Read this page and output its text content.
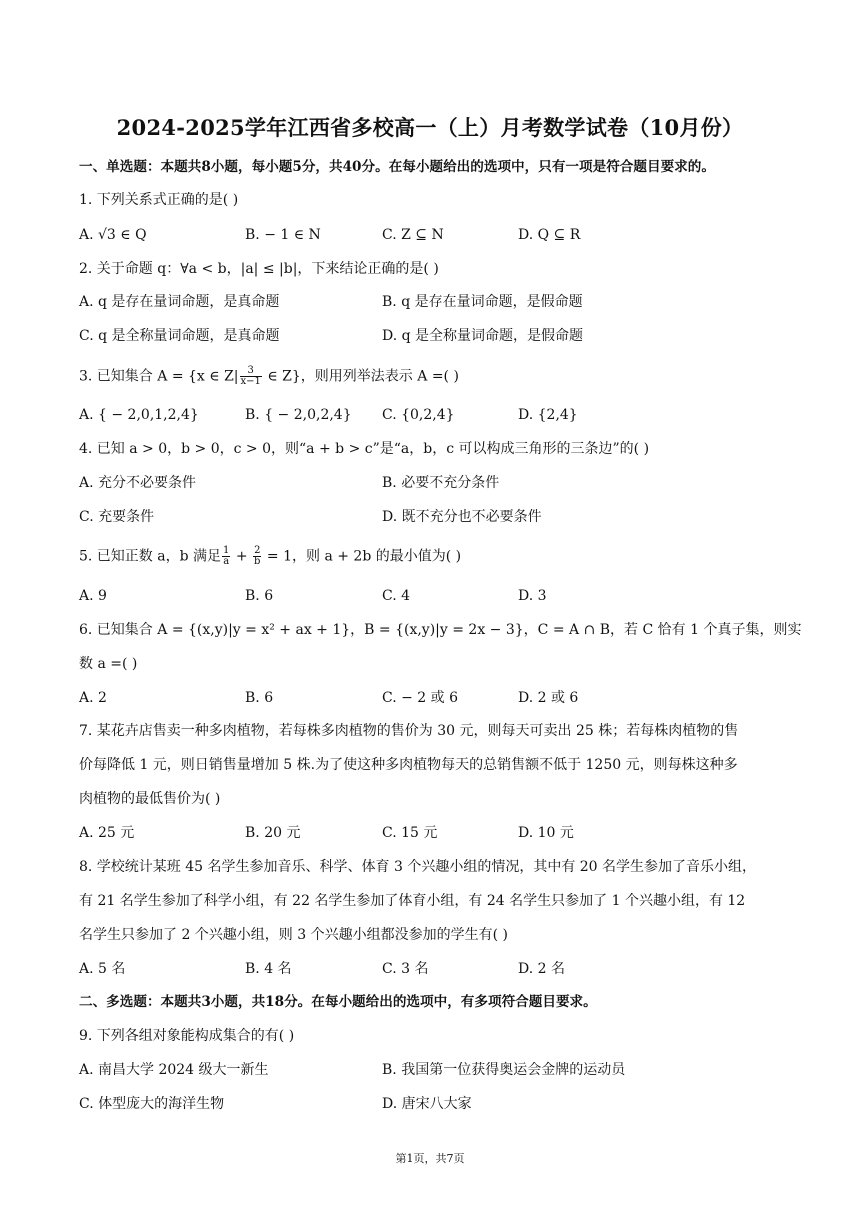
2024-2025学年江西省多校高一（上）月考数学试卷（10月份）
一、单选题：本题共8小题，每小题5分，共40分。在每小题给出的选项中，只有一项是符合题目要求的。
1. 下列关系式正确的是( )
A. √3 ∈ Q	B. − 1 ∈ N	C. Z ⊆ N	D. Q ⊆ R
2. 关于命题 q：∀a < b，|a| ≤ |b|，下来结论正确的是( )
A. q 是存在量词命题，是真命题	B. q 是存在量词命题，是假命题
C. q 是全称量词命题，是真命题	D. q 是全称量词命题，是假命题
3. 已知集合 A = {x ∈ $Z| \frac{3}{x-1}$ ∈ Z}，则用列举法表示 A =( )
A. { − 2,0,1,2,4}	B. { − 2,0,2,4} C. {0,2,4}	D. {2,4}
4. 已知 a > 0，b > 0，c > 0，则“a + b > c”是“a，b，c 可以构成三角形的三条边”的( )
A. 充分不必要条件	B. 必要不充分条件
C. 充要条件	D. 既不充分也不必要条件
5. 已知正数 a，b 满足 $\frac{1}{a} + \frac{2}{b} = 1$，则 a + 2b 的最小值为( )
A. 9	B. 6	C. 4	D. 3
6. 已知集合 A = {(x,y)|y = x² + ax + 1}，B = {(x,y)|y = 2x − 3}，C = A ∩ B，若 C 恰有 1 个真子集，则实
数 a =( )
A. 2	B. 6	C. − 2 或 6	D. 2 或 6
7. 某花卉店售卖一种多肉植物，若每株多肉植物的售价为 30 元，则每天可卖出 25 株；若每株肉植物的售
价每降低 1 元，则日销售量增加 5 株.为了使这种多肉植物每天的总销售额不低于 1250 元，则每株这种多
肉植物的最低售价为( )
A. 25 元	B. 20 元	C. 15 元	D. 10 元
8. 学校统计某班 45 名学生参加音乐、科学、体育 3 个兴趣小组的情况，其中有 20 名学生参加了音乐小组，
有 21 名学生参加了科学小组，有 22 名学生参加了体育小组，有 24 名学生只参加了 1 个兴趣小组，有 12
名学生只参加了 2 个兴趣小组，则 3 个兴趣小组都没参加的学生有( )
A. 5 名	B. 4 名	C. 3 名	D. 2 名
二、多选题：本题共3小题，共18分。在每小题给出的选项中，有多项符合题目要求。
9. 下列各组对象能构成集合的有( )
A. 南昌大学 2024 级大一新生	B. 我国第一位获得奥运会金牌的运动员
C. 体型庞大的海洋生物	D. 唐宋八大家
第1页，共7页
